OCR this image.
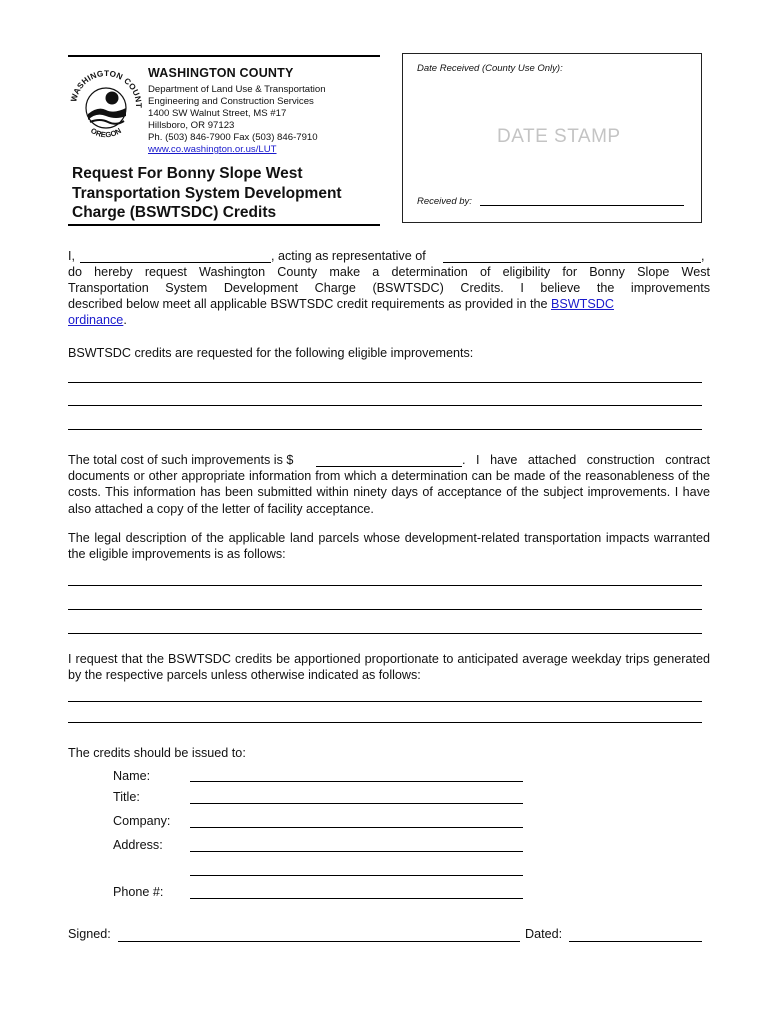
WASHINGTON COUNT
OREGON
WASHINGTON COUNTY
Department of Land Use & Transportation
Engineering and Construction Services
1400 SW Walnut Street, MS #17
Hillsboro, OR 97123
Ph. (503) 846-7900 Fax (503) 846-7910
www.co.washington.or.us/LUT
Request For Bonny Slope West
Transportation System Development
Charge (BSWTSDC) Credits
Date Received (County Use Only):
DATE STAMP
Received by:
I,	, acting as representative of	,
do hereby request Washington County make a determination of eligibility for Bonny Slope West
Transportation System Development Charge (BSWTSDC) Credits. I believe the improvements
described below meet all applicable BSWTSDC credit requirements as provided in the BSWTSDC
ordinance.
BSWTSDC credits are requested for the following eligible improvements:
The total cost of such improvements is $	. I have attached construction contract
documents or other appropriate information from which a determination can be made of the reasonableness of the costs. This information has been submitted within ninety days of acceptance of the subject improvements. I have also attached a copy of the letter of facility acceptance.
The legal description of the applicable land parcels whose development-related transportation impacts warranted the eligible improvements is as follows:
I request that the BSWTSDC credits be apportioned proportionate to anticipated average weekday trips generated by the respective parcels unless otherwise indicated as follows:
The credits should be issued to:
Name:
Title:
Company:
Address:
Phone #:
Signed:	Dated:
